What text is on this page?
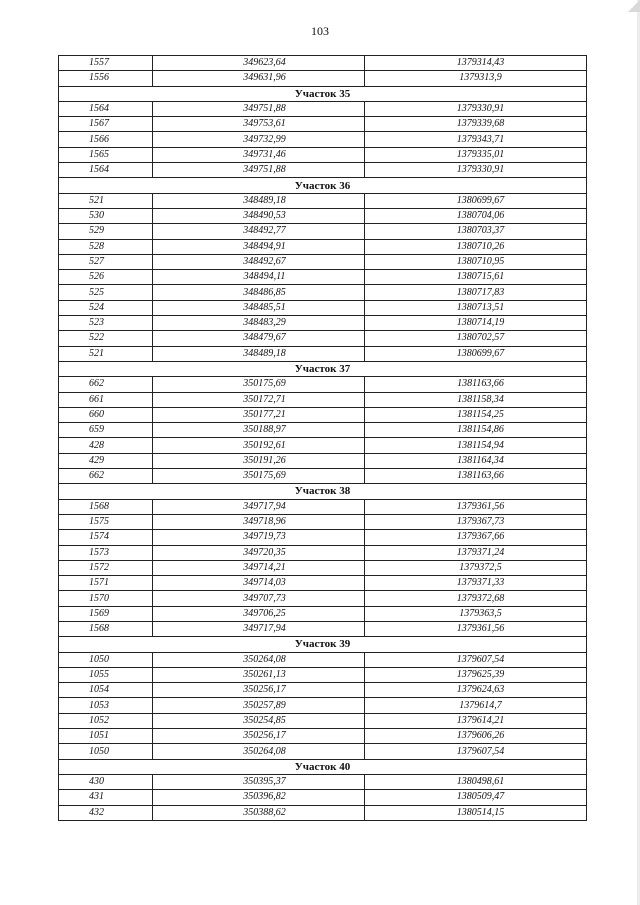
103
1557	349623,64	1379314,43
1556	349631,96	1379313,9
Участок 35		
1564	349751,88	1379330,91
1567	349753,61	1379339,68
1566	349732,99	1379343,71
1565	349731,46	1379335,01
1564	349751,88	1379330,91
Участок 36		
521	348489,18	1380699,67
530	348490,53	1380704,06
529	348492,77	1380703,37
528	348494,91	1380710,26
527	348492,67	1380710,95
526	348494,11	1380715,61
525	348486,85	1380717,83
524	348485,51	1380713,51
523	348483,29	1380714,19
522	348479,67	1380702,57
521	348489,18	1380699,67
Участок 37		
662	350175,69	1381163,66
661	350172,71	1381158,34
660	350177,21	1381154,25
659	350188,97	1381154,86
428	350192,61	1381154,94
429	350191,26	1381164,34
662	350175,69	1381163,66
Участок 38		
1568	349717,94	1379361,56
1575	349718,96	1379367,73
1574	349719,73	1379367,66
1573	349720,35	1379371,24
1572	349714,21	1379372,5
1571	349714,03	1379371,33
1570	349707,73	1379372,68
1569	349706,25	1379363,5
1568	349717,94	1379361,56
Участок 39		
1050	350264,08	1379607,54
1055	350261,13	1379625,39
1054	350256,17	1379624,63
1053	350257,89	1379614,7
1052	350254,85	1379614,21
1051	350256,17	1379606,26
1050	350264,08	1379607,54
Участок 40		
430	350395,37	1380498,61
431	350396,82	1380509,47
432	350388,62	1380514,15
